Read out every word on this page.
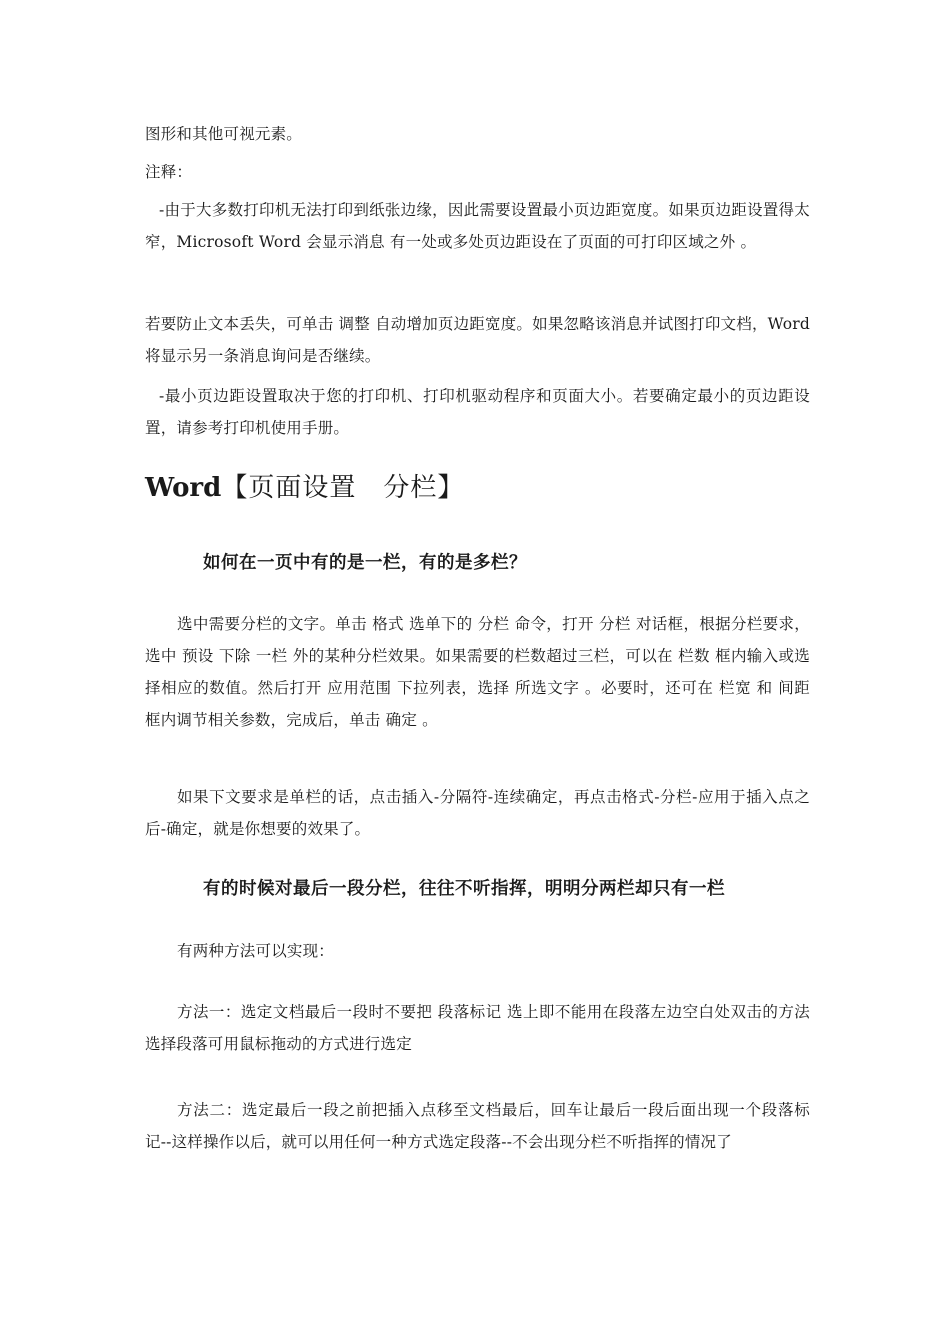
图形和其他可视元素。

注释：

-由于大多数打印机无法打印到纸张边缘，因此需要设置最小页边距宽度。如果页边距设置得太窄，Microsoft Word 会显示消息 有一处或多处页边距设在了页面的可打印区域之外 。

若要防止文本丢失，可单击 调整 自动增加页边距宽度。如果忽略该消息并试图打印文档，Word 将显示另一条消息询问是否继续。

-最小页边距设置取决于您的打印机、打印机驱动程序和页面大小。若要确定最小的页边距设置，请参考打印机使用手册。

Word【页面设置　分栏】
如何在一页中有的是一栏，有的是多栏？

选中需要分栏的文字。单击 格式 选单下的 分栏 命令，打开 分栏 对话框，根据分栏要求，选中 预设 下除 一栏 外的某种分栏效果。如果需要的栏数超过三栏，可以在 栏数 框内输入或选择相应的数值。然后打开 应用范围 下拉列表，选择 所选文字 。必要时，还可在 栏宽 和 间距 框内调节相关参数，完成后，单击 确定 。

如果下文要求是单栏的话，点击插入-分隔符-连续确定，再点击格式-分栏-应用于插入点之后-确定，就是你想要的效果了。

有的时候对最后一段分栏，往往不听指挥，明明分两栏却只有一栏

有两种方法可以实现：

方法一：选定文档最后一段时不要把 段落标记 选上即不能用在段落左边空白处双击的方法选择段落可用鼠标拖动的方式进行选定

方法二：选定最后一段之前把插入点移至文档最后，回车让最后一段后面出现一个段落标记--这样操作以后，就可以用任何一种方式选定段落--不会出现分栏不听指挥的情况了
